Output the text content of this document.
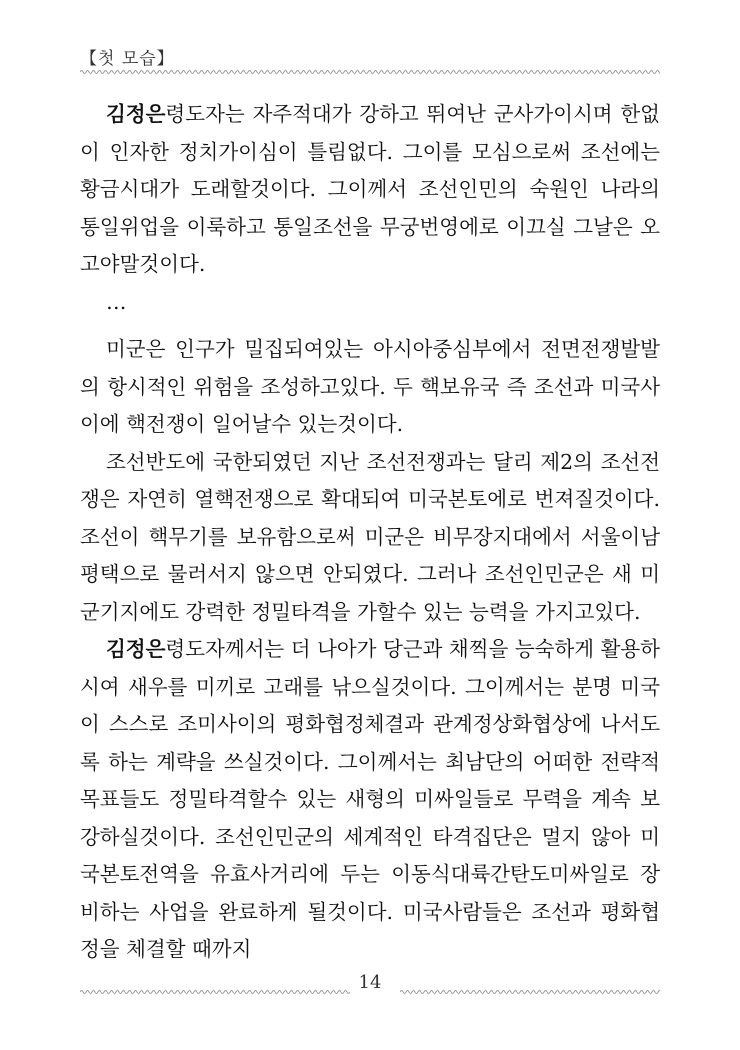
【첫 모습】

김정은령도자는 자주적대가 강하고 뛰여난 군사가이시며 한없이 인자한 정치가이심이 틀림없다. 그이를 모심으로써 조선에는 황금시대가 도래할것이다. 그이께서 조선인민의 숙원인 나라의 통일위업을 이룩하고 통일조선을 무궁번영에로 이끄실 그날은 오고야말것이다.

…

미군은 인구가 밀집되여있는 아시아중심부에서 전면전쟁발발의 항시적인 위험을 조성하고있다. 두 핵보유국 즉 조선과 미국사이에 핵전쟁이 일어날수 있는것이다.

조선반도에 국한되였던 지난 조선전쟁과는 달리 제2의 조선전쟁은 자연히 열핵전쟁으로 확대되여 미국본토에로 번져질것이다. 조선이 핵무기를 보유함으로써 미군은 비무장지대에서 서울이남 평택으로 물러서지 않으면 안되였다. 그러나 조선인민군은 새 미군기지에도 강력한 정밀타격을 가할수 있는 능력을 가지고있다.

김정은령도자께서는 더 나아가 당근과 채찍을 능숙하게 활용하시여 새우를 미끼로 고래를 낚으실것이다. 그이께서는 분명 미국이 스스로 조미사이의 평화협정체결과 관계정상화협상에 나서도록 하는 계략을 쓰실것이다. 그이께서는 최남단의 어떠한 전략적목표들도 정밀타격할수 있는 새형의 미싸일들로 무력을 계속 보강하실것이다. 조선인민군의 세계적인 타격집단은 멀지 않아 미국본토전역을 유효사거리에 두는 이동식대륙간탄도미싸일로 장비하는 사업을 완료하게 될것이다. 미국사람들은 조선과 평화협정을 체결할 때까지

14
